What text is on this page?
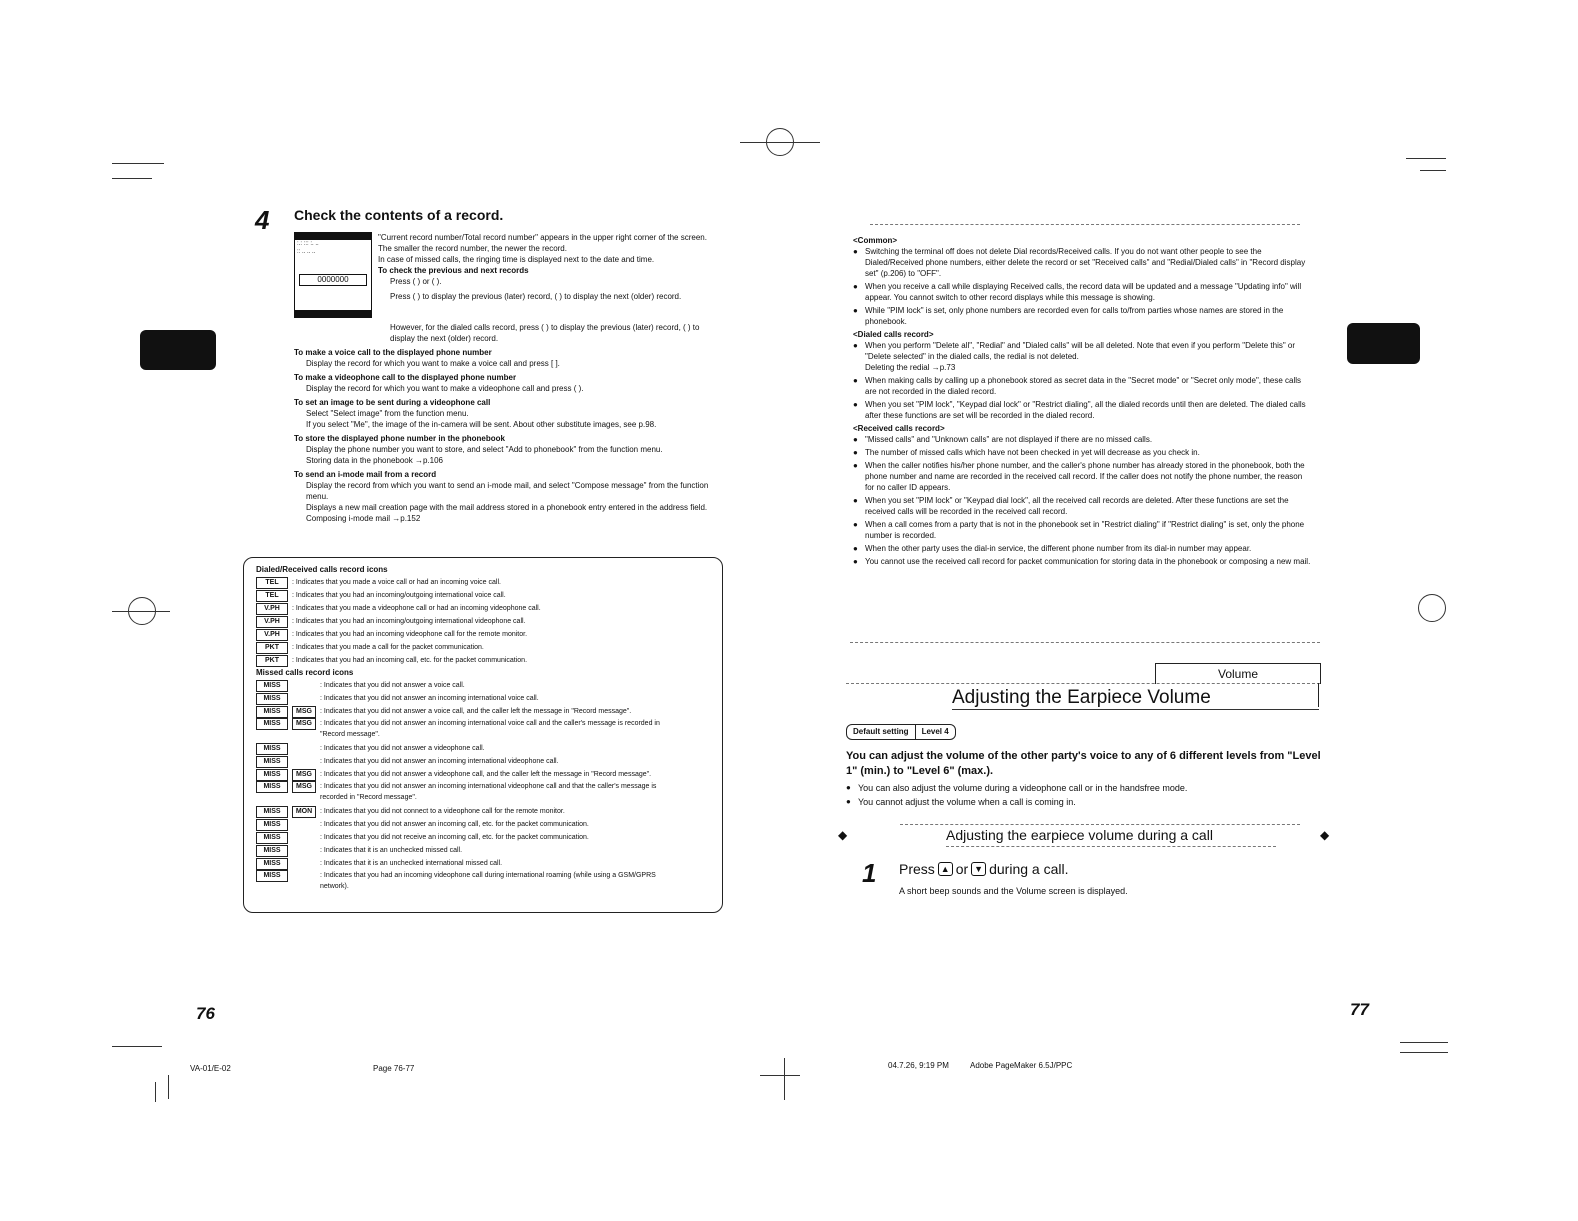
4 Check the contents of a record.
:.: ::: :. ..
:: .. .. ..
0000000
"Current record number/Total record number" appears in the upper right corner of the screen.
The smaller the record number, the newer the record.
In case of missed calls, the ringing time is displayed next to the date and time.
To check the previous and next records
Press ( ) or ( ).
Press ( ) to display the previous (later) record, ( ) to display the next (older) record.
However, for the dialed calls record, press ( ) to display the previous (later) record, ( ) to display the next (older) record.
To make a voice call to the displayed phone number
Display the record for which you want to make a voice call and press [ ].
To make a videophone call to the displayed phone number
Display the record for which you want to make a videophone call and press ( ).
To set an image to be sent during a videophone call
Select "Select image" from the function menu.
If you select "Me", the image of the in-camera will be sent. About other substitute images, see p.98.
To store the displayed phone number in the phonebook
Display the phone number you want to store, and select "Add to phonebook" from the function menu.
Storing data in the phonebook →p.106
To send an i-mode mail from a record
Display the record from which you want to send an i-mode mail, and select "Compose message" from the function menu.
Displays a new mail creation page with the mail address stored in a phonebook entry entered in the address field.
Composing i-mode mail →p.152
Dialed/Received calls record icons
TEL	: Indicates that you made a voice call or had an incoming voice call.
TEL	: Indicates that you had an incoming/outgoing international voice call.
V.PH	: Indicates that you made a videophone call or had an incoming videophone call.
V.PH	: Indicates that you had an incoming/outgoing international videophone call.
V.PH	: Indicates that you had an incoming videophone call for the remote monitor.
PKT	: Indicates that you made a call for the packet communication.
PKT	: Indicates that you had an incoming call, etc. for the packet communication.
Missed calls record icons
MISS	: Indicates that you did not answer a voice call.
MISS	: Indicates that you did not answer an incoming international voice call.
MISS	MSG	: Indicates that you did not answer a voice call, and the caller left the message in "Record message".
MISS	MSG	: Indicates that you did not answer an incoming international voice call and the caller's message is recorded in "Record message".
MISS	: Indicates that you did not answer a videophone call.
MISS	: Indicates that you did not answer an incoming international videophone call.
MISS	MSG	: Indicates that you did not answer a videophone call, and the caller left the message in "Record message".
MISS	MSG	: Indicates that you did not answer an incoming international videophone call and that the caller's message is recorded in "Record message".
MISS	MON	: Indicates that you did not connect to a videophone call for the remote monitor.
MISS	: Indicates that you did not answer an incoming call, etc. for the packet communication.
MISS	: Indicates that you did not receive an incoming call, etc. for the packet communication.
MISS	: Indicates that it is an unchecked missed call.
MISS	: Indicates that it is an unchecked international missed call.
MISS	: Indicates that you had an incoming videophone call during international roaming (while using a GSM/GPRS network).
76
VA-01/E-02	Page 76-77
<Common>
● Switching the terminal off does not delete Dial records/Received calls. If you do not want other people to see the Dialed/Received phone numbers, either delete the record or set "Received calls" and "Redial/Dialed calls" in "Record display set" (p.206) to "OFF".
● When you receive a call while displaying Received calls, the record data will be updated and a message "Updating info" will appear. You cannot switch to other record displays while this message is showing.
● While "PIM lock" is set, only phone numbers are recorded even for calls to/from parties whose names are stored in the phonebook.
<Dialed calls record>
● When you perform "Delete all", "Redial" and "Dialed calls" will be all deleted. Note that even if you perform "Delete this" or "Delete selected" in the dialed calls, the redial is not deleted.
Deleting the redial →p.73
● When making calls by calling up a phonebook stored as secret data in the "Secret mode" or "Secret only mode", these calls are not recorded in the dialed record.
● When you set "PIM lock", "Keypad dial lock" or "Restrict dialing", all the dialed records until then are deleted. The dialed calls after these functions are set will be recorded in the dialed record.
<Received calls record>
● "Missed calls" and "Unknown calls" are not displayed if there are no missed calls.
● The number of missed calls which have not been checked in yet will decrease as you check in.
● When the caller notifies his/her phone number, and the caller's phone number has already stored in the phonebook, both the phone number and name are recorded in the received call record. If the caller does not notify the phone number, the reason for no caller ID appears.
● When you set "PIM lock" or "Keypad dial lock", all the received call records are deleted. After these functions are set the received calls will be recorded in the received call record.
● When a call comes from a party that is not in the phonebook set in "Restrict dialing" if "Restrict dialing" is set, only the phone number is recorded.
● When the other party uses the dial-in service, the different phone number from its dial-in number may appear.
● You cannot use the received call record for packet communication for storing data in the phonebook or composing a new mail.
Volume
Adjusting the Earpiece Volume
Default setting	Level 4
You can adjust the volume of the other party's voice to any of 6 different levels from "Level 1" (min.) to "Level 6" (max.).
● You can also adjust the volume during a videophone call or in the handsfree mode.
● You cannot adjust the volume when a call is coming in.
◆	◆
Adjusting the earpiece volume during a call
1 Press ▲ or ▼ during a call.
A short beep sounds and the Volume screen is displayed.
77
04.7.26, 9:19 PM	Adobe PageMaker 6.5J/PPC
